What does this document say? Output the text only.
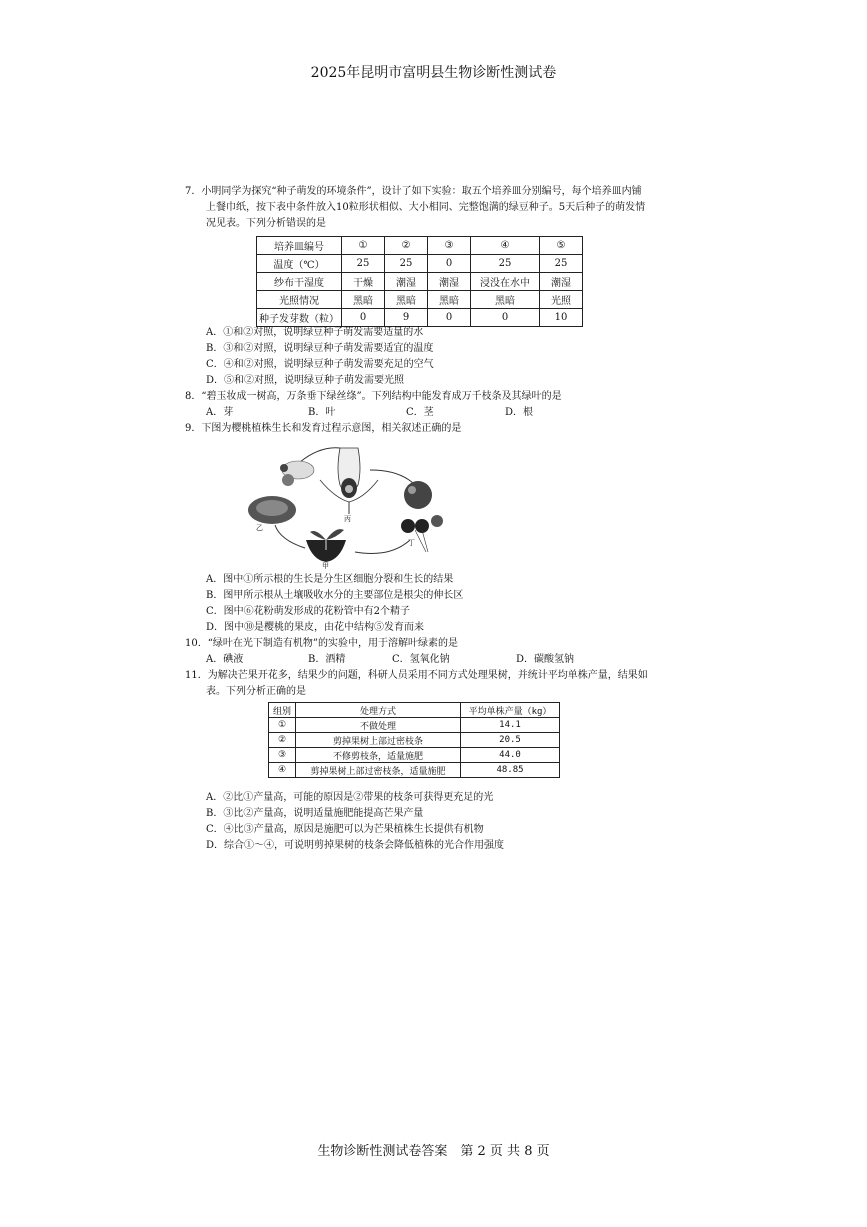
2025年昆明市富明县生物诊断性测试卷
7．小明同学为探究“种子萌发的环境条件”，设计了如下实验：取五个培养皿分别编号，每个培养皿内铺
上餐巾纸，按下表中条件放入10粒形状相似、大小相同、完整饱满的绿豆种子。5天后种子的萌发情
况见表。下列分析错误的是
培养皿编号	①	②	③	④	⑤
温度（℃）	25	25	0	25	25
纱布干湿度	干燥	潮湿	潮湿	浸没在水中	潮湿
光照情况	黑暗	黑暗	黑暗	黑暗	光照
种子发芽数（粒）	0	9	0	0	10
A．①和②对照，说明绿豆种子萌发需要适量的水
B．③和②对照，说明绿豆种子萌发需要适宜的温度
C．④和②对照，说明绿豆种子萌发需要充足的空气
D．⑤和②对照，说明绿豆种子萌发需要光照
8．“碧玉妆成一树高，万条垂下绿丝绦”。下列结构中能发育成万千枝条及其绿叶的是
A．芽	B．叶	C．茎	D．根
9．下图为樱桃植株生长和发育过程示意图，相关叙述正确的是
乙
丙
丁
甲
A．图中①所示根的生长是分生区细胞分裂和生长的结果
B．图甲所示根从土壤吸收水分的主要部位是根尖的伸长区
C．图中⑥花粉萌发形成的花粉管中有2个精子
D．图中⑩是樱桃的果皮，由花中结构⑤发育而来
10．“绿叶在光下制造有机物”的实验中，用于溶解叶绿素的是
A．碘液	B．酒精	C．氢氧化钠	D．碳酸氢钠
11．为解决芒果开花多，结果少的问题，科研人员采用不同方式处理果树，并统计平均单株产量，结果如
表。下列分析正确的是
组别	处理方式	平均单株产量（kg）
①	不做处理	14.1
②	剪掉果树上部过密枝条	20.5
③	不修剪枝条，适量施肥	44.0
④	剪掉果树上部过密枝条，适量施肥	48.85
A．②比①产量高，可能的原因是②带果的枝条可获得更充足的光
B．③比②产量高，说明适量施肥能提高芒果产量
C．④比③产量高，原因是施肥可以为芒果植株生长提供有机物
D．综合①～④，可说明剪掉果树的枝条会降低植株的光合作用强度
生物诊断性测试卷答案　第 2 页 共 8 页
